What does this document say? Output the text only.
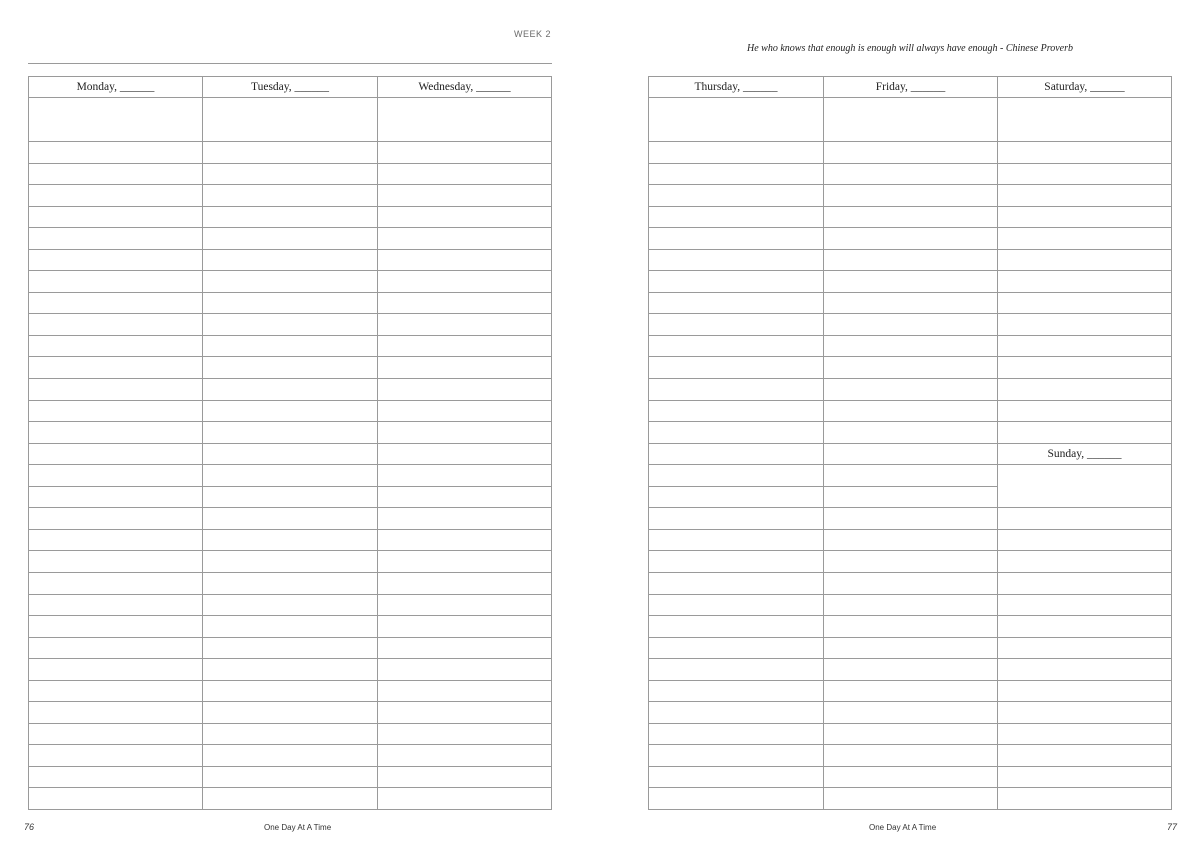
WEEK 2
Monday, ______	Tuesday, ______	Wednesday, ______
76	One Day At A Time
He who knows that enough is enough will always have enough - Chinese Proverb
Thursday, ______	Friday, ______	Saturday, ______
Sunday, ______
One Day At A Time	77
